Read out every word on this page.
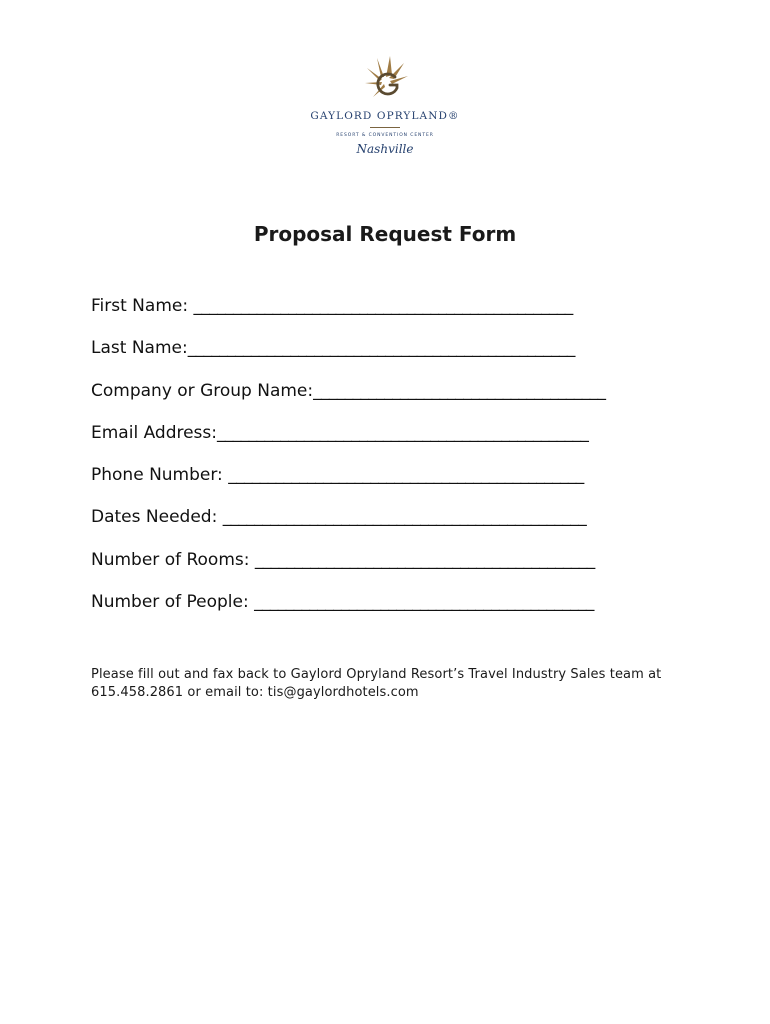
GAYLORD OPRYLAND®
RESORT & CONVENTION CENTER
Nashville
Proposal Request Form
First Name: ________________________________________________
Last Name:_________________________________________________
Company or Group Name:_____________________________________
Email Address:_______________________________________________
Phone Number: _____________________________________________
Dates Needed: ______________________________________________
Number of Rooms: ___________________________________________
Number of People: ___________________________________________

Please fill out and fax back to Gaylord Opryland Resort’s Travel Industry Sales team at 615.458.2861 or email to: tis@gaylordhotels.com
